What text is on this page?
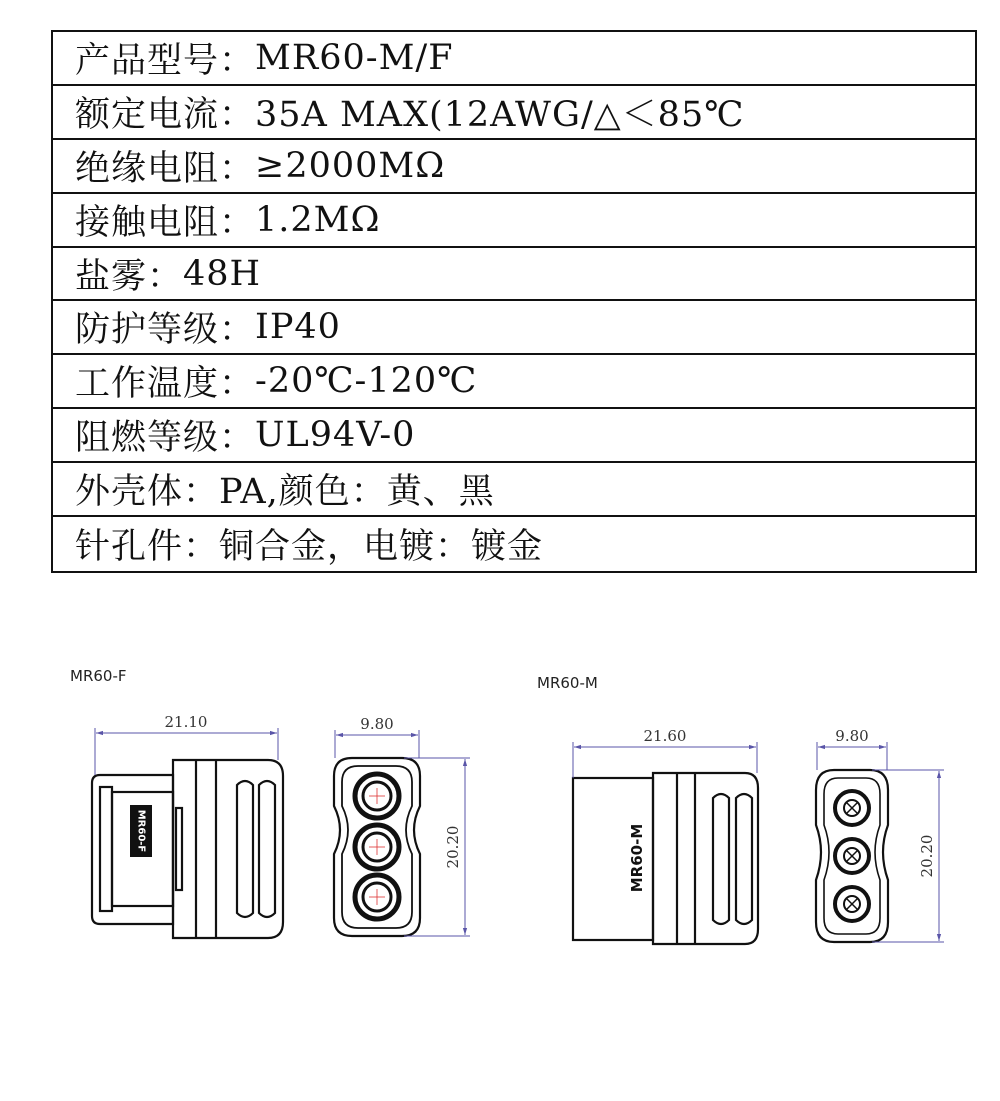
产品型号： MR60-M/F
额定电流： 35A MAX(12AWG/△＜85℃
绝缘电阻： ≥2000MΩ
接触电阻： 1.2MΩ
盐雾： 48H
防护等级： IP40
工作温度： -20℃-120℃
阻燃等级： UL94V-0
外壳体： PA,颜色：黄、黑
针孔件： 铜合金，电镀：镀金
MR60-F	MR60-M
MR60-F
21.10	9.80
20.20	MR60-M
21.60	9.80
20.20
